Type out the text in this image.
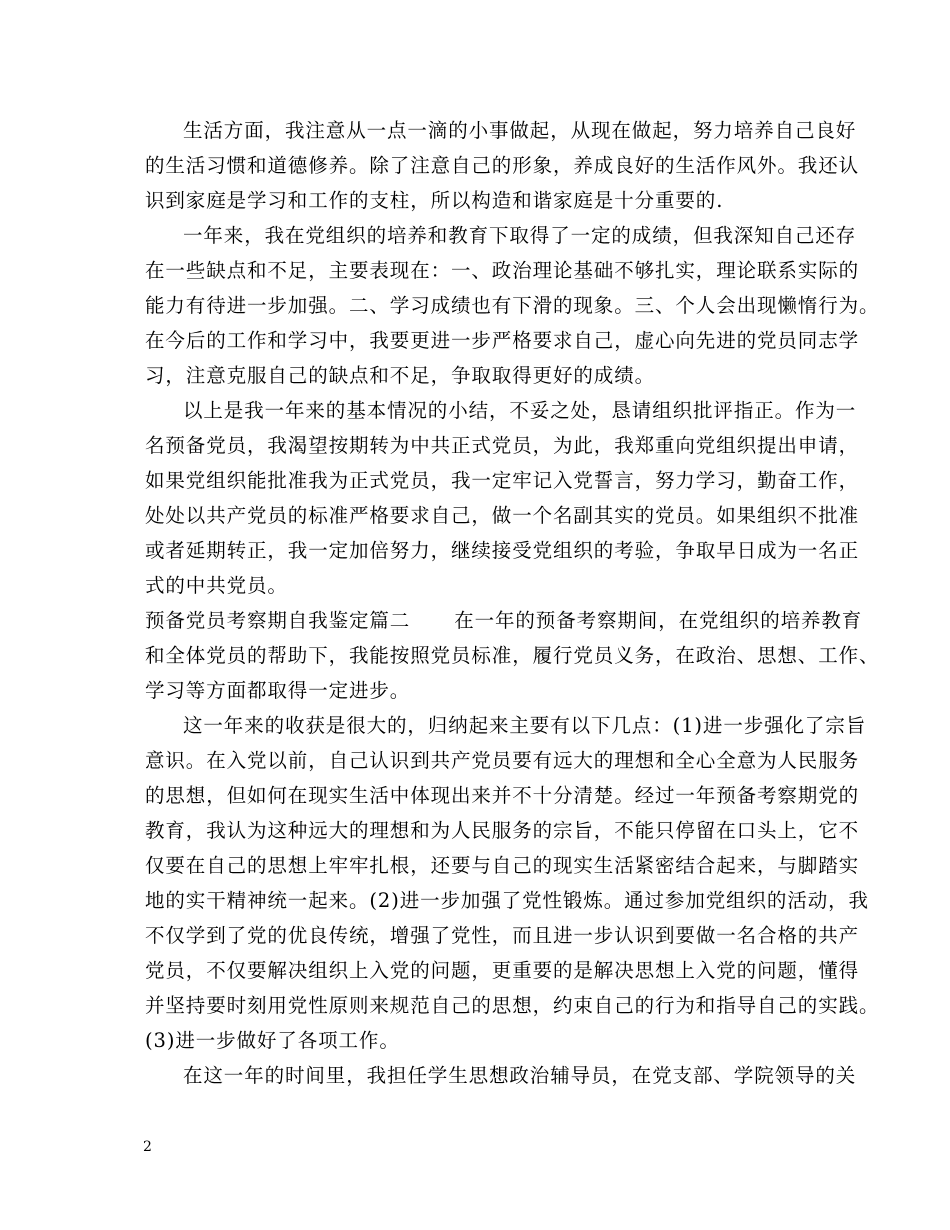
生活方面，我注意从一点一滴的小事做起，从现在做起，努力培养自己良好
的生活习惯和道德修养。除了注意自己的形象，养成良好的生活作风外。我还认
识到家庭是学习和工作的支柱，所以构造和谐家庭是十分重要的.
一年来，我在党组织的培养和教育下取得了一定的成绩，但我深知自己还存
在一些缺点和不足，主要表现在：一、政治理论基础不够扎实，理论联系实际的
能力有待进一步加强。二、学习成绩也有下滑的现象。三、个人会出现懒惰行为。
在今后的工作和学习中，我要更进一步严格要求自己，虚心向先进的党员同志学
习，注意克服自己的缺点和不足，争取取得更好的成绩。
以上是我一年来的基本情况的小结，不妥之处，恳请组织批评指正。作为一
名预备党员，我渴望按期转为中共正式党员，为此，我郑重向党组织提出申请，
如果党组织能批准我为正式党员，我一定牢记入党誓言，努力学习，勤奋工作，
处处以共产党员的标准严格要求自己，做一个名副其实的党员。如果组织不批准
或者延期转正，我一定加倍努力，继续接受党组织的考验，争取早日成为一名正
式的中共党员。
预备党员考察期自我鉴定篇二 在一年的预备考察期间，在党组织的培养教育
和全体党员的帮助下，我能按照党员标准，履行党员义务，在政治、思想、工作、
学习等方面都取得一定进步。
这一年来的收获是很大的，归纳起来主要有以下几点：(1)进一步强化了宗旨
意识。在入党以前，自己认识到共产党员要有远大的理想和全心全意为人民服务
的思想，但如何在现实生活中体现出来并不十分清楚。经过一年预备考察期党的
教育，我认为这种远大的理想和为人民服务的宗旨，不能只停留在口头上，它不
仅要在自己的思想上牢牢扎根，还要与自己的现实生活紧密结合起来，与脚踏实
地的实干精神统一起来。(2)进一步加强了党性锻炼。通过参加党组织的活动，我
不仅学到了党的优良传统，增强了党性，而且进一步认识到要做一名合格的共产
党员，不仅要解决组织上入党的问题，更重要的是解决思想上入党的问题，懂得
并坚持要时刻用党性原则来规范自己的思想，约束自己的行为和指导自己的实践。
(3)进一步做好了各项工作。
在这一年的时间里，我担任学生思想政治辅导员，在党支部、学院领导的关
2
